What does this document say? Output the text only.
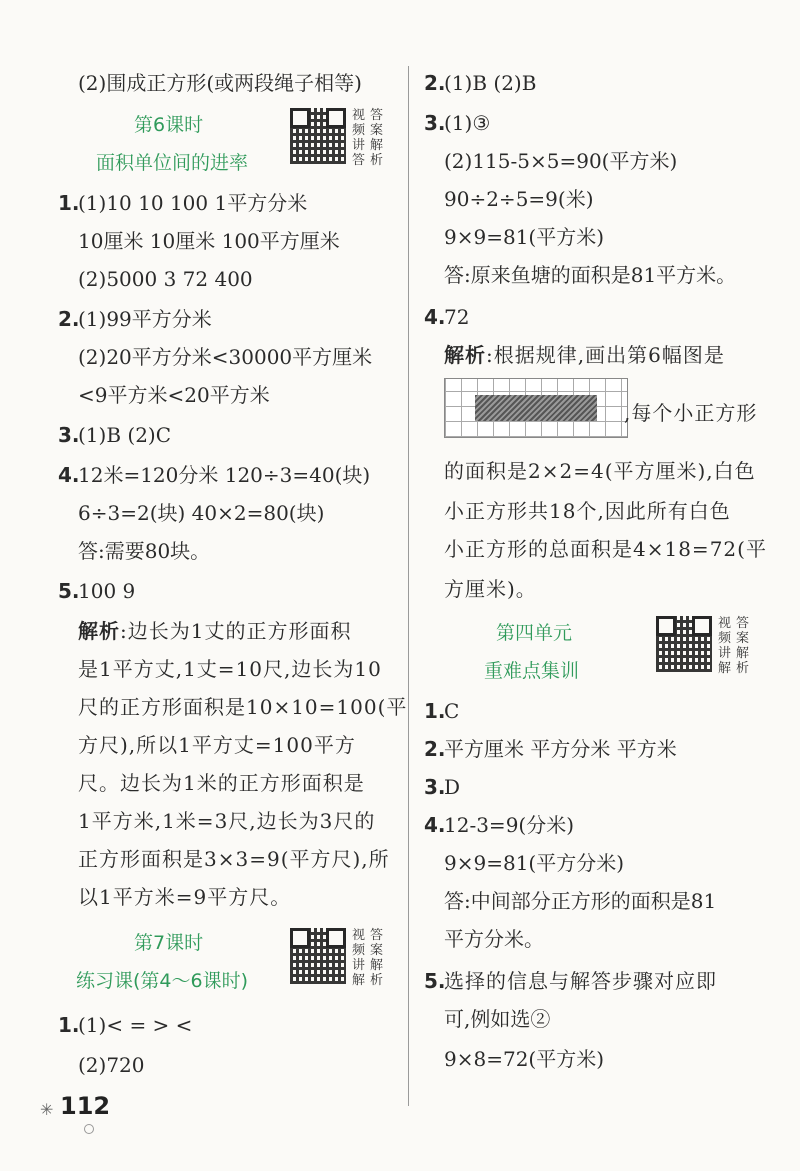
(2)围成正方形(或两段绳子相等)
第6课时
面积单位间的进率
视
频
讲
答
答
案
解
析
1.
(1)10 10 100 1平方分米
10厘米 10厘米 100平方厘米
(2)5000 3 72 400
2.
(1)99平方分米
(2)20平方分米<30000平方厘米
<9平方米<20平方米
3.
(1)B (2)C
4.
12米=120分米 120÷3=40(块)
6÷3=2(块) 40×2=80(块)
答:需要80块。
5.
100 9
解析:边长为1丈的正方形面积
是1平方丈,1丈=10尺,边长为10
尺的正方形面积是10×10=100(平
方尺),所以1平方丈=100平方
尺。边长为1米的正方形面积是
1平方米,1米=3尺,边长为3尺的
正方形面积是3×3=9(平方尺),所
以1平方米=9平方尺。
第7课时
练习课(第4～6课时)
视
频
讲
解
答
案
解
析
1.
(1)< = > <
(2)720
2.
(1)B (2)B
3.
(1)③
(2)115-5×5=90(平方米)
90÷2÷5=9(米)
9×9=81(平方米)
答:原来鱼塘的面积是81平方米。
4.
72
解析:根据规律,画出第6幅图是
,每个小正方形
的面积是2×2=4(平方厘米),白色
小正方形共18个,因此所有白色
小正方形的总面积是4×18=72(平
方厘米)。
第四单元
重难点集训
视
频
讲
解
答
案
解
析
1.
C
2.
平方厘米 平方分米 平方米
3.
D
4.
12-3=9(分米)
9×9=81(平方分米)
答:中间部分正方形的面积是81
平方分米。
5.
选择的信息与解答步骤对应即
可,例如选②
9×8=72(平方米)
✳ 112
